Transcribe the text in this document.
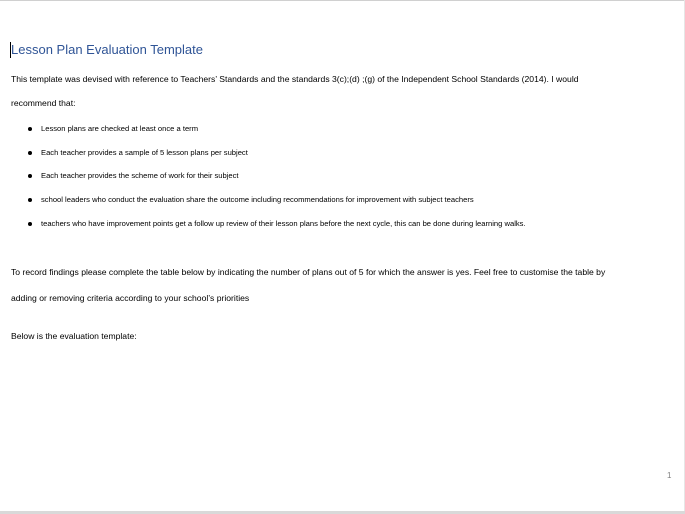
Lesson Plan Evaluation Template
This template was devised with reference to Teachers’ Standards and the standards 3(c);(d) ;(g) of the Independent School Standards (2014). I would
recommend that:
Lesson plans are checked at least once a term
Each teacher provides a sample of 5 lesson plans per subject
Each teacher provides the scheme of work for their subject
school leaders who conduct the evaluation share the outcome including recommendations for improvement with subject teachers
teachers who have improvement points get a follow up review of their lesson plans before the next cycle, this can be done during learning walks.
To record findings please complete the table below by indicating the number of plans out of 5 for which the answer is yes. Feel free to customise the table by
adding or removing criteria according to your school’s priorities
Below is the evaluation template:
1
